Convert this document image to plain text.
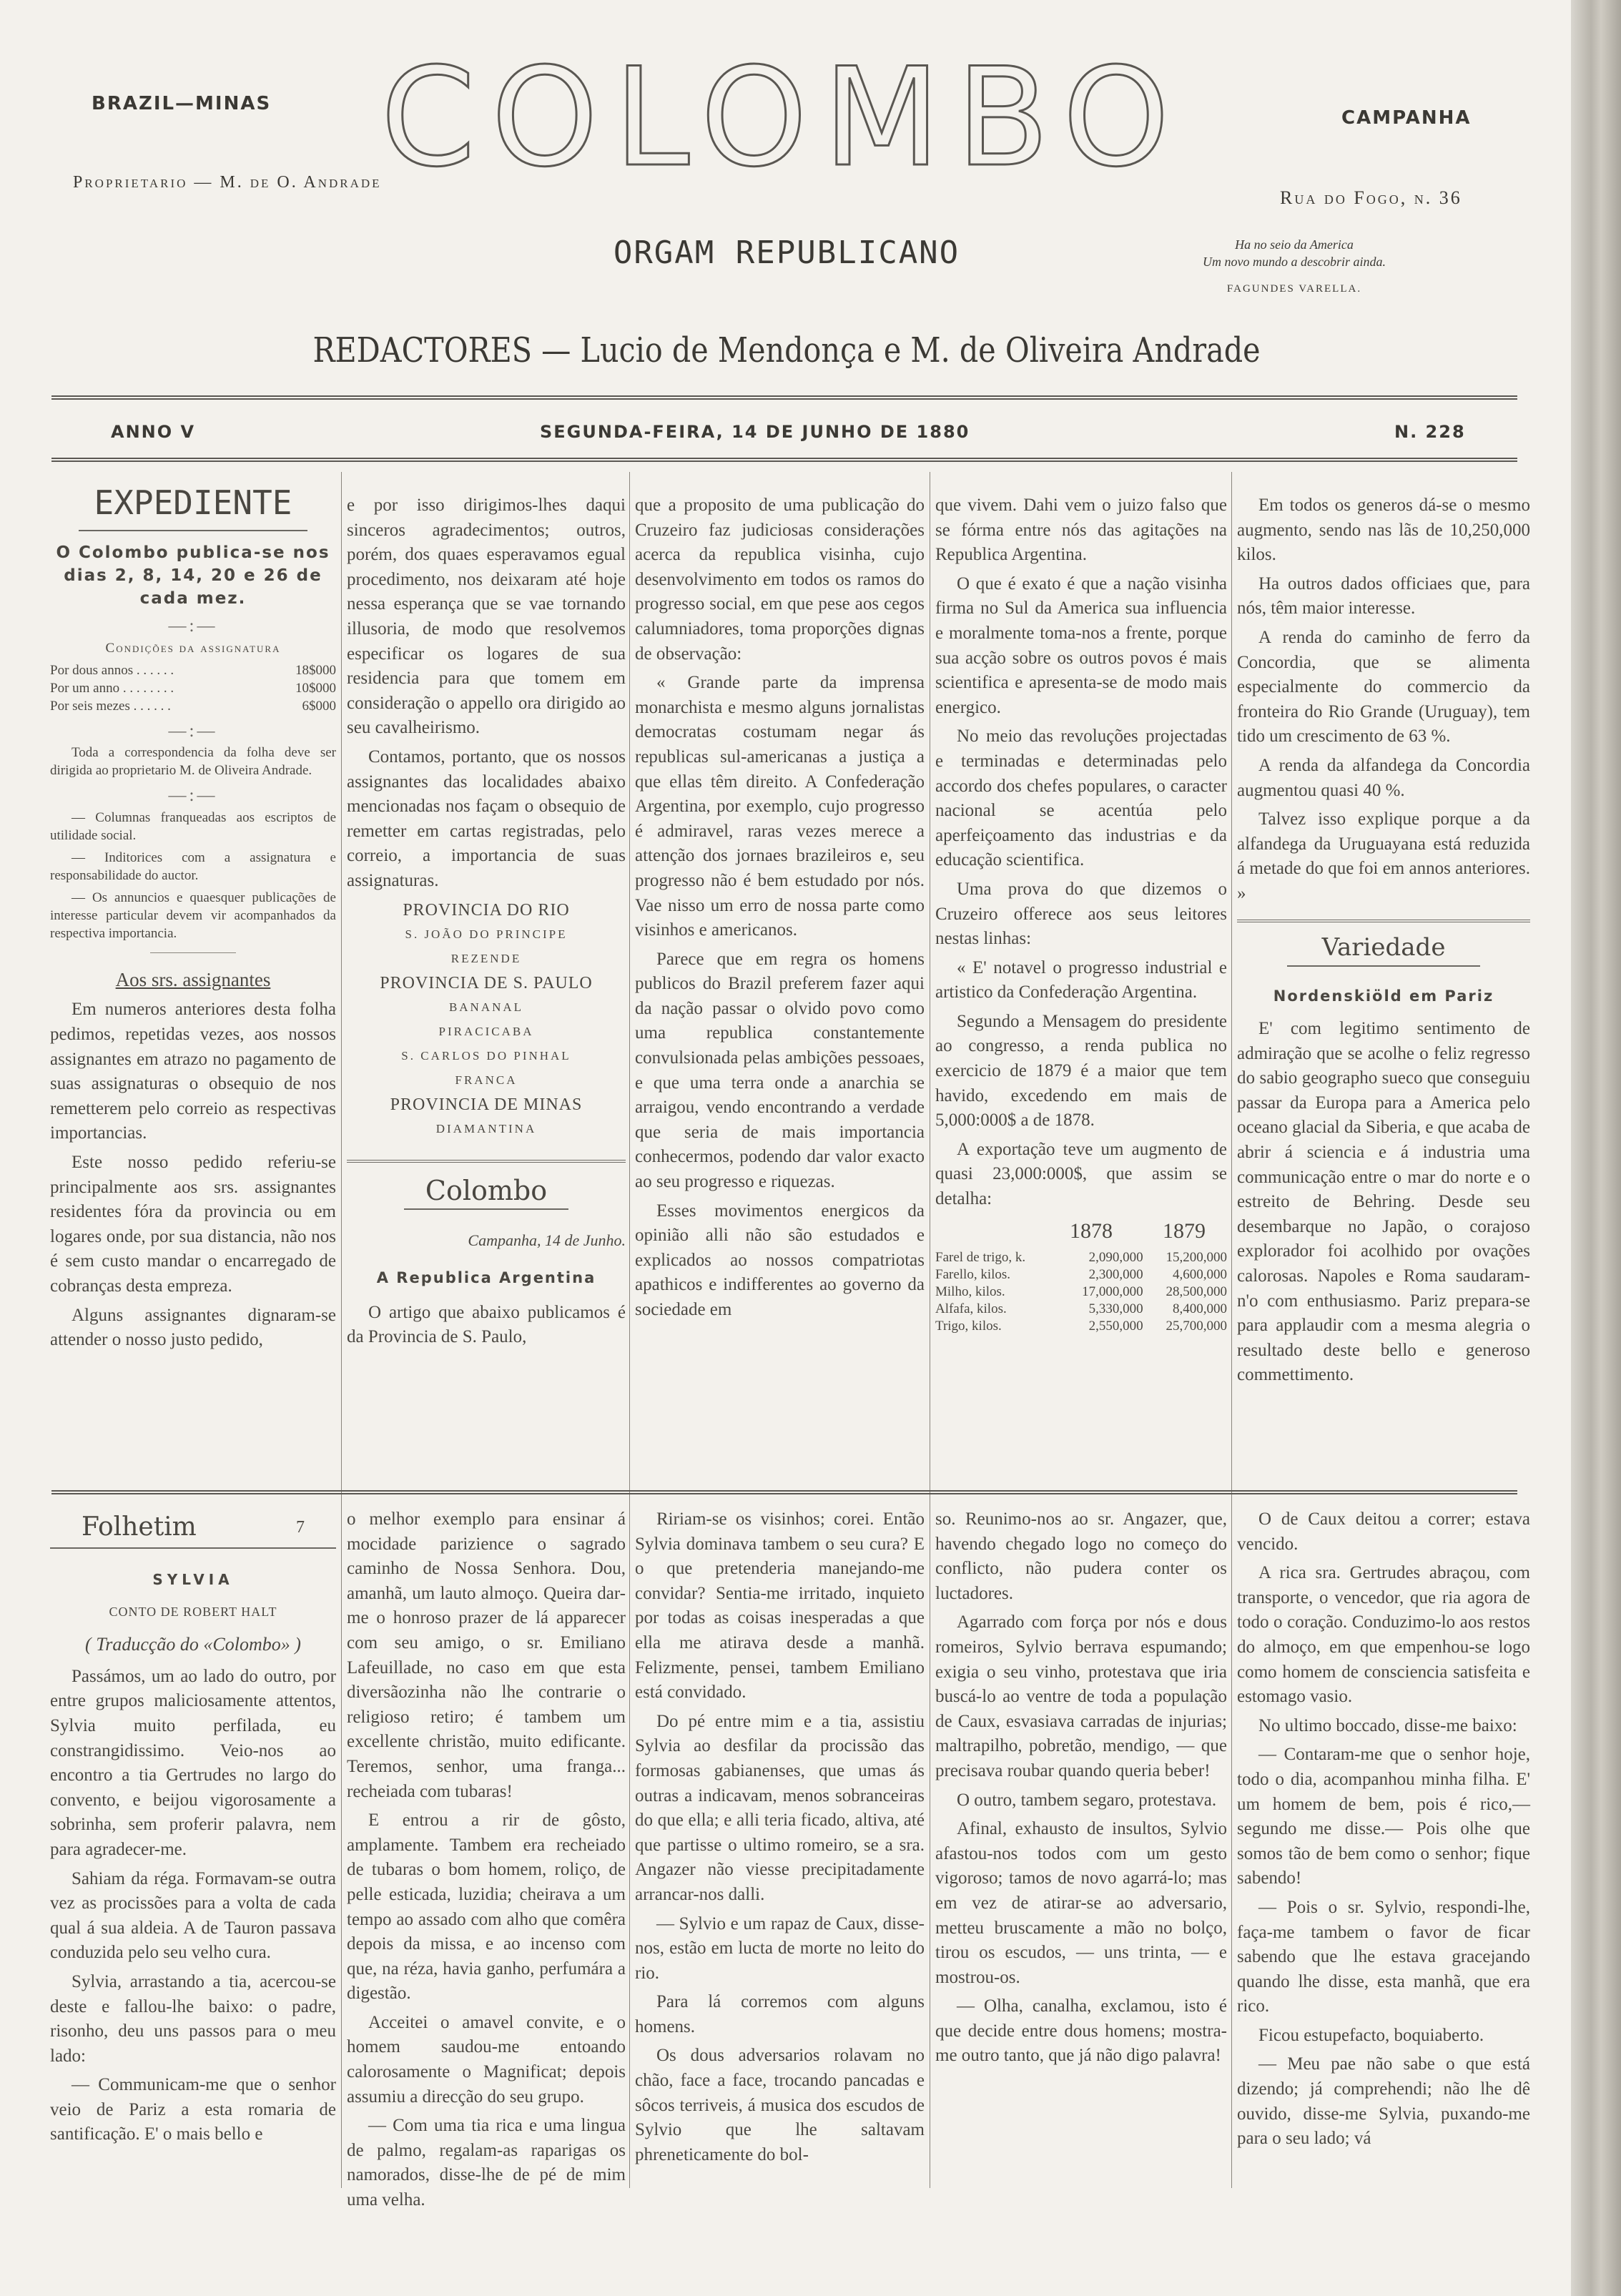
BRAZIL—MINAS COLOMBO	CAMPANHA
Proprietario — M. de O. Andrade
Rua do Fogo, n. 36
ORGAM REPUBLICANO	Ha no seio da America
Um novo mundo a descobrir ainda.
FAGUNDES VARELLA.
REDACTORES — Lucio de Mendonça e M. de Oliveira Andrade
ANNO V	SEGUNDA-FEIRA, 14 DE JUNHO DE 1880	N. 228
EXPEDIENTE

O Colombo publica-se nos dias 2, 8, 14, 20 e 26 de cada mez.

—:—
Condições da assignatura
Por dous annos . . . . . .	18$000
Por um anno . . . . . . . .	10$000
Por seis mezes . . . . . .	6$000
—:—

Toda a correspondencia da folha deve ser dirigida ao proprietario M. de Oliveira Andrade.

—:—

— Columnas franqueadas aos escriptos de utilidade social.

— Inditorices com a assignatura e responsabilidade do auctor.

— Os annuncios e quaesquer publicações de interesse particular devem vir acompanhados da respectiva importancia.

Aos srs. assignantes

Em numeros anteriores desta folha pedimos, repetidas vezes, aos nossos assignantes em atrazo no pagamento de suas assignaturas o obsequio de nos remetterem pelo correio as respectivas importancias.

Este nosso pedido referiu-se principalmente aos srs. assignantes residentes fóra da provincia ou em logares onde, por sua distancia, não nos é sem custo mandar o encarregado de cobranças desta empreza.

Alguns assignantes dignaram-se attender o nosso justo pedido,

e por isso dirigimos-lhes daqui sinceros agradecimentos; outros, porém, dos quaes esperavamos egual procedimento, nos deixaram até hoje nessa esperança que se vae tornando illusoria, de modo que resolvemos especificar os logares de sua residencia para que tomem em consideração o appello ora dirigido ao seu cavalheirismo.

Contamos, portanto, que os nossos assignantes das localidades abaixo mencionadas nos façam o obsequio de remetter em cartas registradas, pelo correio, a importancia de suas assignaturas.

PROVINCIA DO RIO
S. JOÃO DO PRINCIPE
REZENDE
PROVINCIA DE S. PAULO
BANANAL
PIRACICABA
S. CARLOS DO PINHAL
FRANCA
PROVINCIA DE MINAS
DIAMANTINA
Colombo
Campanha, 14 de Junho.
A Republica Argentina

O artigo que abaixo publicamos é da Provincia de S. Paulo,

que a proposito de uma publicação do Cruzeiro faz judiciosas considerações acerca da republica visinha, cujo desenvolvimento em todos os ramos do progresso social, em que pese aos cegos calumniadores, toma proporções dignas de observação:

« Grande parte da imprensa monarchista e mesmo alguns jornalistas democratas costumam negar ás republicas sul-americanas a justiça a que ellas têm direito. A Confederação Argentina, por exemplo, cujo progresso é admiravel, raras vezes merece a attenção dos jornaes brazileiros e, seu progresso não é bem estudado por nós. Vae nisso um erro de nossa parte como visinhos e americanos.

Parece que em regra os homens publicos do Brazil preferem fazer aqui da nação passar o olvido povo como uma republica constantemente convulsionada pelas ambições pessoaes, e que uma terra onde a anarchia se arraigou, vendo encontrando a verdade que seria de mais importancia conhecermos, podendo dar valor exacto ao seu progresso e riquezas.

Esses movimentos energicos da opinião alli não são estudados e explicados ao nossos compatriotas apathicos e indifferentes ao governo da sociedade em

que vivem. Dahi vem o juizo falso que se fórma entre nós das agitações na Republica Argentina.

O que é exato é que a nação visinha firma no Sul da America sua influencia e moralmente toma-nos a frente, porque sua acção sobre os outros povos é mais scientifica e apresenta-se de modo mais energico.

No meio das revoluções projectadas e terminadas e determinadas pelo accordo dos chefes populares, o caracter nacional se acentúa pelo aperfeiçoamento das industrias e da educação scientifica.

Uma prova do que dizemos o Cruzeiro offerece aos seus leitores nestas linhas:

« E' notavel o progresso industrial e artistico da Confederação Argentina.

Segundo a Mensagem do presidente ao congresso, a renda publica no exercicio de 1879 é a maior que tem havido, excedendo em mais de 5,000:000$ a de 1878.

A exportação teve um augmento de quasi 23,000:000$, que assim se detalha:

1878 1879
Farel de trigo, k.	2,090,000	15,200,000
Farello, kilos.	2,300,000	4,600,000
Milho, kilos.	17,000,000	28,500,000
Alfafa, kilos.	5,330,000	8,400,000
Trigo, kilos.	2,550,000	25,700,000

Em todos os generos dá-se o mesmo augmento, sendo nas lãs de 10,250,000 kilos.

Ha outros dados officiaes que, para nós, têm maior interesse.

A renda do caminho de ferro da Concordia, que se alimenta especialmente do commercio da fronteira do Rio Grande (Uruguay), tem tido um crescimento de 63 %.

A renda da alfandega da Concordia augmentou quasi 40 %.

Talvez isso explique porque a da alfandega da Uruguayana está reduzida á metade do que foi em annos anteriores. »

Variedade
Nordenskiöld em Pariz

E' com legitimo sentimento de admiração que se acolhe o feliz regresso do sabio geographo sueco que conseguiu passar da Europa para a America pelo oceano glacial da Siberia, e que acaba de abrir á sciencia e á industria uma communicação entre o mar do norte e o estreito de Behring. Desde seu desembarque no Japão, o corajoso explorador foi acolhido por ovações calorosas. Napoles e Roma saudaram-n'o com enthusiasmo. Pariz prepara-se para applaudir com a mesma alegria o resultado deste bello e generoso commettimento.

Folhetim	7
SYLVIA
CONTO DE ROBERT HALT
( Traducção do «Colombo» )

Passámos, um ao lado do outro, por entre grupos maliciosamente attentos, Sylvia muito perfilada, eu constrangidissimo. Veio-nos ao encontro a tia Gertrudes no largo do convento, e beijou vigorosamente a sobrinha, sem proferir palavra, nem para agradecer-me.

Sahiam da réga. Formavam-se outra vez as procissões para a volta de cada qual á sua aldeia. A de Tauron passava conduzida pelo seu velho cura.

Sylvia, arrastando a tia, acercou-se deste e fallou-lhe baixo: o padre, risonho, deu uns passos para o meu lado:

— Communicam-me que o senhor veio de Pariz a esta romaria de santificação. E' o mais bello e

o melhor exemplo para ensinar á mocidade parizience o sagrado caminho de Nossa Senhora. Dou, amanhã, um lauto almoço. Queira dar-me o honroso prazer de lá apparecer com seu amigo, o sr. Emiliano Lafeuillade, no caso em que esta diversãozinha não lhe contrarie o religioso retiro; é tambem um excellente christão, muito edificante. Teremos, senhor, uma franga... recheiada com tubaras!

E entrou a rir de gôsto, amplamente. Tambem era recheiado de tubaras o bom homem, roliço, de pelle esticada, luzidia; cheirava a um tempo ao assado com alho que comêra depois da missa, e ao incenso com que, na réza, havia ganho, perfumára a digestão.

Acceitei o amavel convite, e o homem saudou-me entoando calorosamente o Magnificat; depois assumiu a direcção do seu grupo.

— Com uma tia rica e uma lingua de palmo, regalam-as raparigas os namorados, disse-lhe de pé de mim uma velha.

Ririam-se os visinhos; corei. Então Sylvia dominava tambem o seu cura? E o que pretenderia manejando-me convidar? Sentia-me irritado, inquieto por todas as coisas inesperadas a que ella me atirava desde a manhã. Felizmente, pensei, tambem Emiliano está convidado.

Do pé entre mim e a tia, assistiu Sylvia ao desfilar da procissão das formosas gabianenses, que umas ás outras a indicavam, menos sobranceiras do que ella; e alli teria ficado, altiva, até que partisse o ultimo romeiro, se a sra. Angazer não viesse precipitadamente arrancar-nos dalli.

— Sylvio e um rapaz de Caux, disse-nos, estão em lucta de morte no leito do rio.

Para lá corremos com alguns homens.

Os dous adversarios rolavam no chão, face a face, trocando pancadas e sôcos terriveis, á musica dos escudos de Sylvio que lhe saltavam phreneticamente do bol-

so. Reunimo-nos ao sr. Angazer, que, havendo chegado logo no começo do conflicto, não pudera conter os luctadores.

Agarrado com força por nós e dous romeiros, Sylvio berrava espumando; exigia o seu vinho, protestava que iria buscá-lo ao ventre de toda a população de Caux, esvasiava carradas de injurias; maltrapilho, pobretão, mendigo, — que precisava roubar quando queria beber!

O outro, tambem segaro, protestava.

Afinal, exhausto de insultos, Sylvio afastou-nos todos com um gesto vigoroso; tamos de novo agarrá-lo; mas em vez de atirar-se ao adversario, metteu bruscamente a mão no bolço, tirou os escudos, — uns trinta, — e mostrou-os.

— Olha, canalha, exclamou, isto é que decide entre dous homens; mostra-me outro tanto, que já não digo palavra!

O de Caux deitou a correr; estava vencido.

A rica sra. Gertrudes abraçou, com transporte, o vencedor, que ria agora de todo o coração. Conduzimo-lo aos restos do almoço, em que empenhou-se logo como homem de consciencia satisfeita e estomago vasio.

No ultimo boccado, disse-me baixo:

— Contaram-me que o senhor hoje, todo o dia, acompanhou minha filha. E' um homem de bem, pois é rico,—segundo me disse.— Pois olhe que somos tão de bem como o senhor; fique sabendo!

— Pois o sr. Sylvio, respondi-lhe, faça-me tambem o favor de ficar sabendo que lhe estava gracejando quando lhe disse, esta manhã, que era rico.

Ficou estupefacto, boquiaberto.

— Meu pae não sabe o que está dizendo; já comprehendi; não lhe dê ouvido, disse-me Sylvia, puxando-me para o seu lado; vá
